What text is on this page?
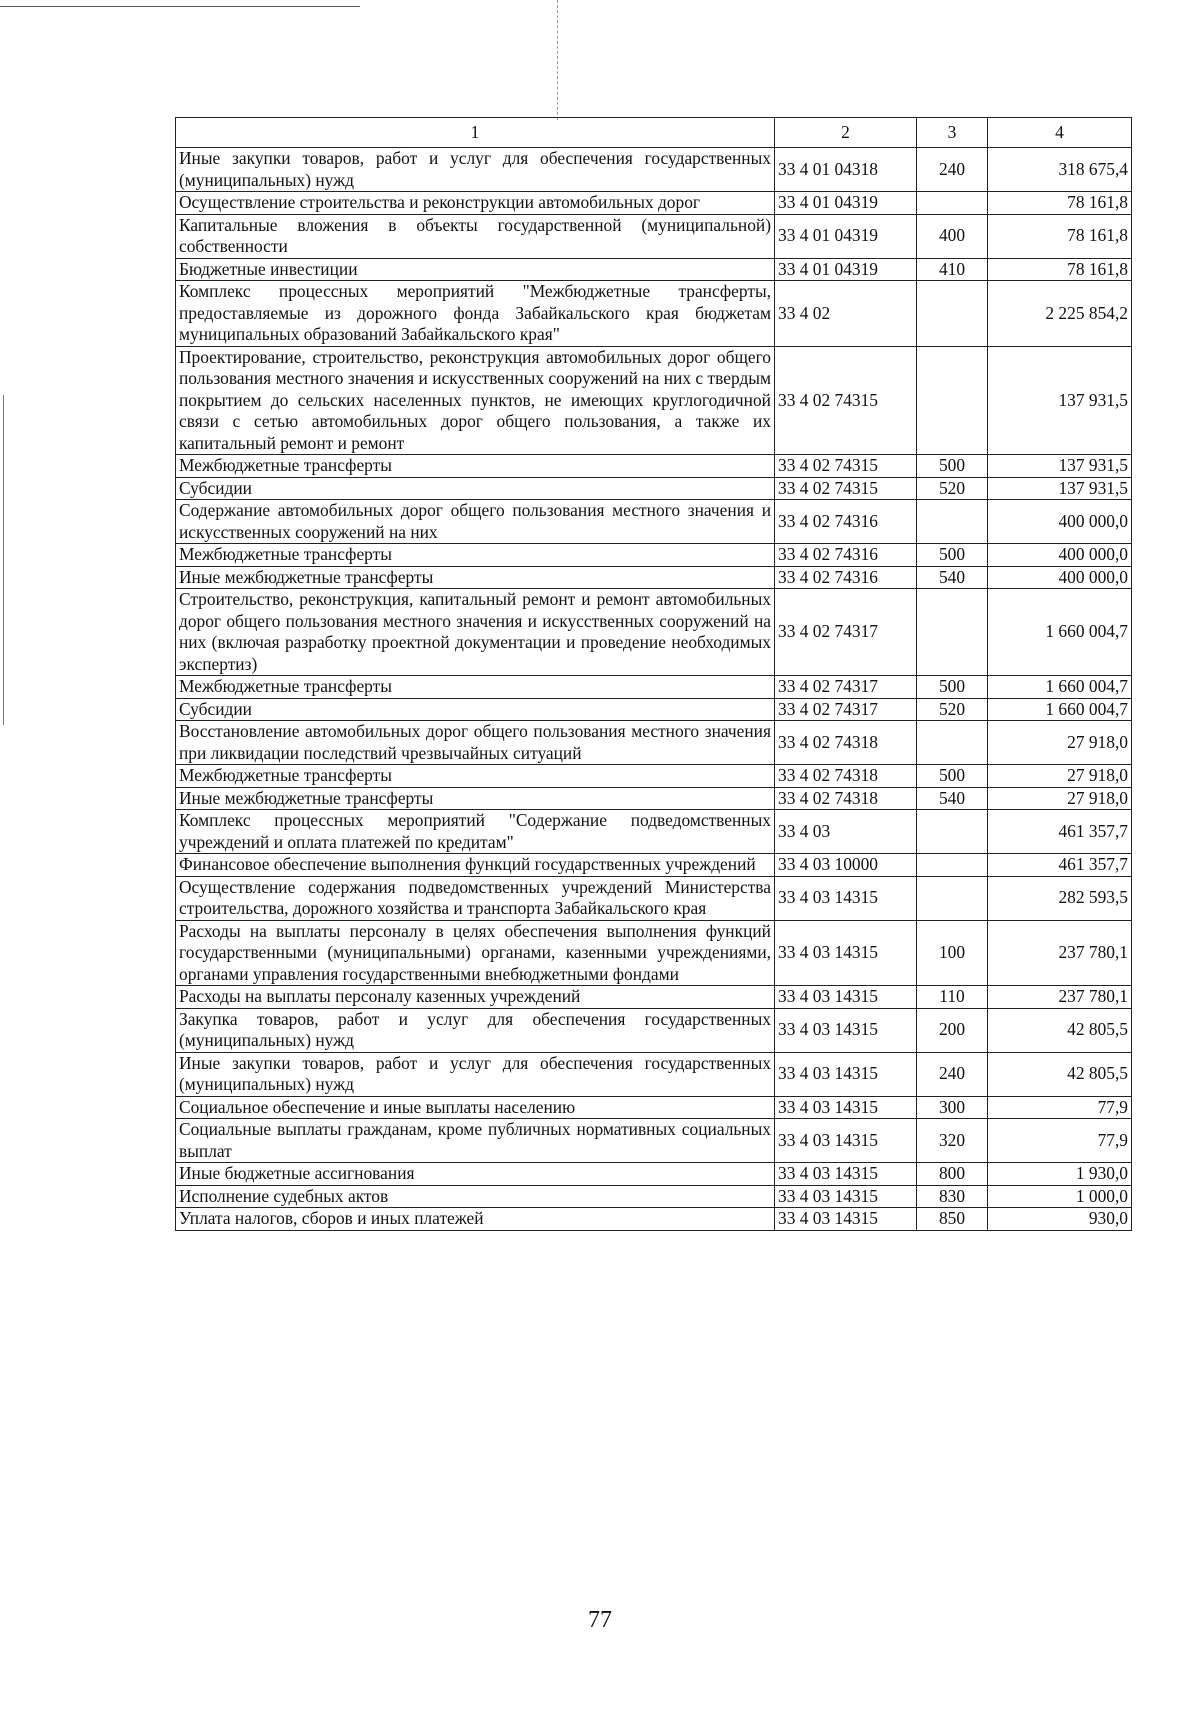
1	2	3	4
Иные закупки товаров, работ и услуг для обеспечения государственных (муниципальных) нужд	33 4 01 04318	240	318 675,4
Осуществление строительства и реконструкции автомобильных дорог	33 4 01 04319		78 161,8
Капитальные вложения в объекты государственной (муниципальной) собственности	33 4 01 04319	400	78 161,8
Бюджетные инвестиции	33 4 01 04319	410	78 161,8
Комплекс процессных мероприятий "Межбюджетные трансферты, предоставляемые из дорожного фонда Забайкальского края бюджетам муниципальных образований Забайкальского края"	33 4 02		2 225 854,2
Проектирование, строительство, реконструкция автомобильных дорог общего пользования местного значения и искусственных сооружений на них с твердым покрытием до сельских населенных пунктов, не имеющих круглогодичной связи с сетью автомобильных дорог общего пользования, а также их капитальный ремонт и ремонт	33 4 02 74315		137 931,5
Межбюджетные трансферты	33 4 02 74315	500	137 931,5
Субсидии	33 4 02 74315	520	137 931,5
Содержание автомобильных дорог общего пользования местного значения и искусственных сооружений на них	33 4 02 74316		400 000,0
Межбюджетные трансферты	33 4 02 74316	500	400 000,0
Иные межбюджетные трансферты	33 4 02 74316	540	400 000,0
Строительство, реконструкция, капитальный ремонт и ремонт автомобильных дорог общего пользования местного значения и искусственных сооружений на них (включая разработку проектной документации и проведение необходимых экспертиз)	33 4 02 74317		1 660 004,7
Межбюджетные трансферты	33 4 02 74317	500	1 660 004,7
Субсидии	33 4 02 74317	520	1 660 004,7
Восстановление автомобильных дорог общего пользования местного значения при ликвидации последствий чрезвычайных ситуаций	33 4 02 74318		27 918,0
Межбюджетные трансферты	33 4 02 74318	500	27 918,0
Иные межбюджетные трансферты	33 4 02 74318	540	27 918,0
Комплекс процессных мероприятий "Содержание подведомственных учреждений и оплата платежей по кредитам"	33 4 03		461 357,7
Финансовое обеспечение выполнения функций государственных учреждений	33 4 03 10000		461 357,7
Осуществление содержания подведомственных учреждений Министерства строительства, дорожного хозяйства и транспорта Забайкальского края	33 4 03 14315		282 593,5
Расходы на выплаты персоналу в целях обеспечения выполнения функций государственными (муниципальными) органами, казенными учреждениями, органами управления государственными внебюджетными фондами	33 4 03 14315	100	237 780,1
Расходы на выплаты персоналу казенных учреждений	33 4 03 14315	110	237 780,1
Закупка товаров, работ и услуг для обеспечения государственных (муниципальных) нужд	33 4 03 14315	200	42 805,5
Иные закупки товаров, работ и услуг для обеспечения государственных (муниципальных) нужд	33 4 03 14315	240	42 805,5
Социальное обеспечение и иные выплаты населению	33 4 03 14315	300	77,9
Социальные выплаты гражданам, кроме публичных нормативных социальных выплат	33 4 03 14315	320	77,9
Иные бюджетные ассигнования	33 4 03 14315	800	1 930,0
Исполнение судебных актов	33 4 03 14315	830	1 000,0
Уплата налогов, сборов и иных платежей	33 4 03 14315	850	930,0
77
